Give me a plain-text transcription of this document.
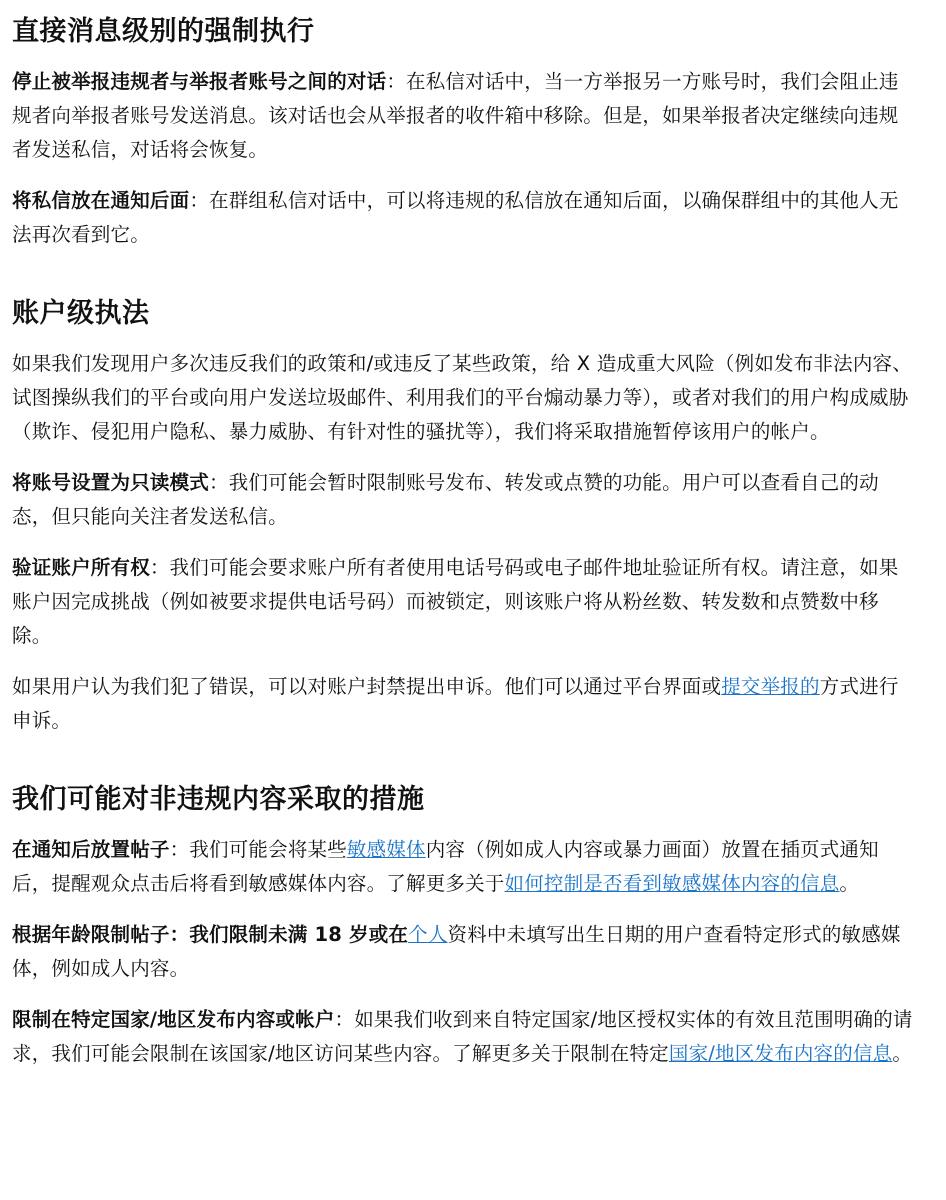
直接消息级别的强制执行

停止被举报违规者与举报者账号之间的对话：在私信对话中，当一方举报另一方账号时，我们会阻止违规者向举报者账号发送消息。该对话也会从举报者的收件箱中移除。但是，如果举报者决定继续向违规者发送私信，对话将会恢复。

将私信放在通知后面：在群组私信对话中，可以将违规的私信放在通知后面，以确保群组中的其他人无法再次看到它。

账户级执法

如果我们发现用户多次违反我们的政策和/或违反了某些政策，给 X 造成重大风险（例如发布非法内容、试图操纵我们的平台或向用户发送垃圾邮件、利用我们的平台煽动暴力等），或者对我们的用户构成威胁（欺诈、侵犯用户隐私、暴力威胁、有针对性的骚扰等），我们将采取措施暂停该用户的帐户。

将账号设置为只读模式：我们可能会暂时限制账号发布、转发或点赞的功能。用户可以查看自己的动态，但只能向关注者发送私信。

验证账户所有权：我们可能会要求账户所有者使用电话号码或电子邮件地址验证所有权。请注意，如果账户因完成挑战（例如被要求提供电话号码）而被锁定，则该账户将从粉丝数、转发数和点赞数中移除。

如果用户认为我们犯了错误，可以对账户封禁提出申诉。他们可以通过平台界面或提交举报的方式进行申诉。

我们可能对非违规内容采取的措施

在通知后放置帖子：我们可能会将某些敏感媒体内容（例如成人内容或暴力画面）放置在插页式通知后，提醒观众点击后将看到敏感媒体内容。了解更多关于如何控制是否看到敏感媒体内容的信息。

根据年龄限制帖子：我们限制未满 18 岁或在个人资料中未填写出生日期的用户查看特定形式的敏感媒体，例如成人内容。

限制在特定国家/地区发布内容或帐户：如果我们收到来自特定国家/地区授权实体的有效且范围明确的请求，我们可能会限制在该国家/地区访问某些内容。了解更多关于限制在特定国家/地区发布内容的信息。
